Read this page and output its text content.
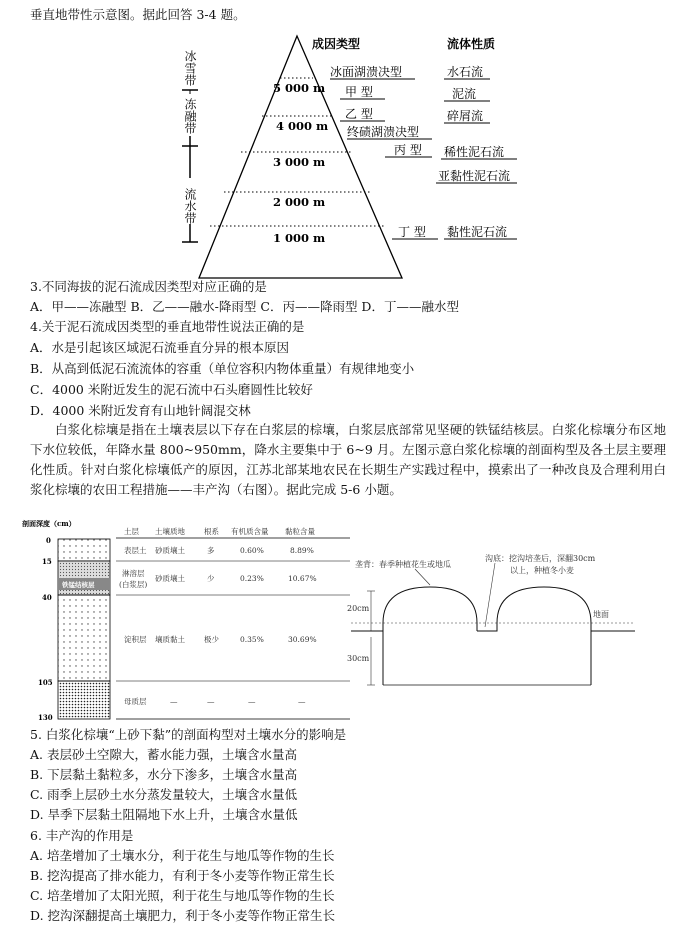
垂直地带性示意图。据此回答 3-4 题。
冰雪带
冻融带
流水带
5 000 m
4 000 m
3 000 m
2 000 m
1 000 m
成因类型	流体性质
冰面湖溃决型
甲 型
乙 型
终碛湖溃决型
丙 型
丁 型
水石流
泥流
碎屑流
稀性泥石流
亚黏性泥石流
黏性泥石流
3.不同海拔的泥石流成因类型对应正确的是
A．甲——冻融型 B．乙——融水-降雨型 C．丙——降雨型 D．丁——融水型
4.关于泥石流成因类型的垂直地带性说法正确的是
A．水是引起该区域泥石流垂直分异的根本原因
B．从高到低泥石流流体的容重（单位容积内物体重量）有规律地变小
C．4000 米附近发生的泥石流中石头磨圆性比较好
D．4000 米附近发育有山地针阔混交林
白浆化棕壤是指在土壤表层以下存在白浆层的棕壤，白浆层底部常见坚硬的铁锰结核层。白浆化棕壤分布区地下水位较低，年降水量 800~950mm，降水主要集中于 6~9 月。左图示意白浆化棕壤的剖面构型及各土层主要理化性质。针对白浆化棕壤低产的原因，江苏北部某地农民在长期生产实践过程中，摸索出了一种改良及合理利用白浆化棕壤的农田工程措施——丰产沟（右图）。据此完成 5-6 小题。
剖面深度（cm）
0
15
40
105
130
铁锰结核层
土层 土壤质地	根系 有机质含量 黏粒含量
表层土 砂质壤土	多	0.60%	8.89%
淋溶层
(白浆层)
砂质壤土	少	0.23%	10.67%
淀积层 壤质黏土	极少	0.35%	30.69%
母质层	—	—	—	—
垄背：春季种植花生或地瓜
沟底：挖沟培垄后，深翻30cm
以上，种植冬小麦
20cm
30cm
地面
5. 白浆化棕壤“上砂下黏”的剖面构型对土壤水分的影响是
A. 表层砂土空隙大，蓄水能力强，土壤含水量高
B. 下层黏土黏粒多，水分下渗多，土壤含水量高
C. 雨季上层砂土水分蒸发量较大，土壤含水量低
D. 旱季下层黏土阻隔地下水上升，土壤含水量低
6. 丰产沟的作用是
A. 培垄增加了土壤水分，利于花生与地瓜等作物的生长
B. 挖沟提高了排水能力，有利于冬小麦等作物正常生长
C. 培垄增加了太阳光照，利于花生与地瓜等作物的生长
D. 挖沟深翻提高土壤肥力，利于冬小麦等作物正常生长
